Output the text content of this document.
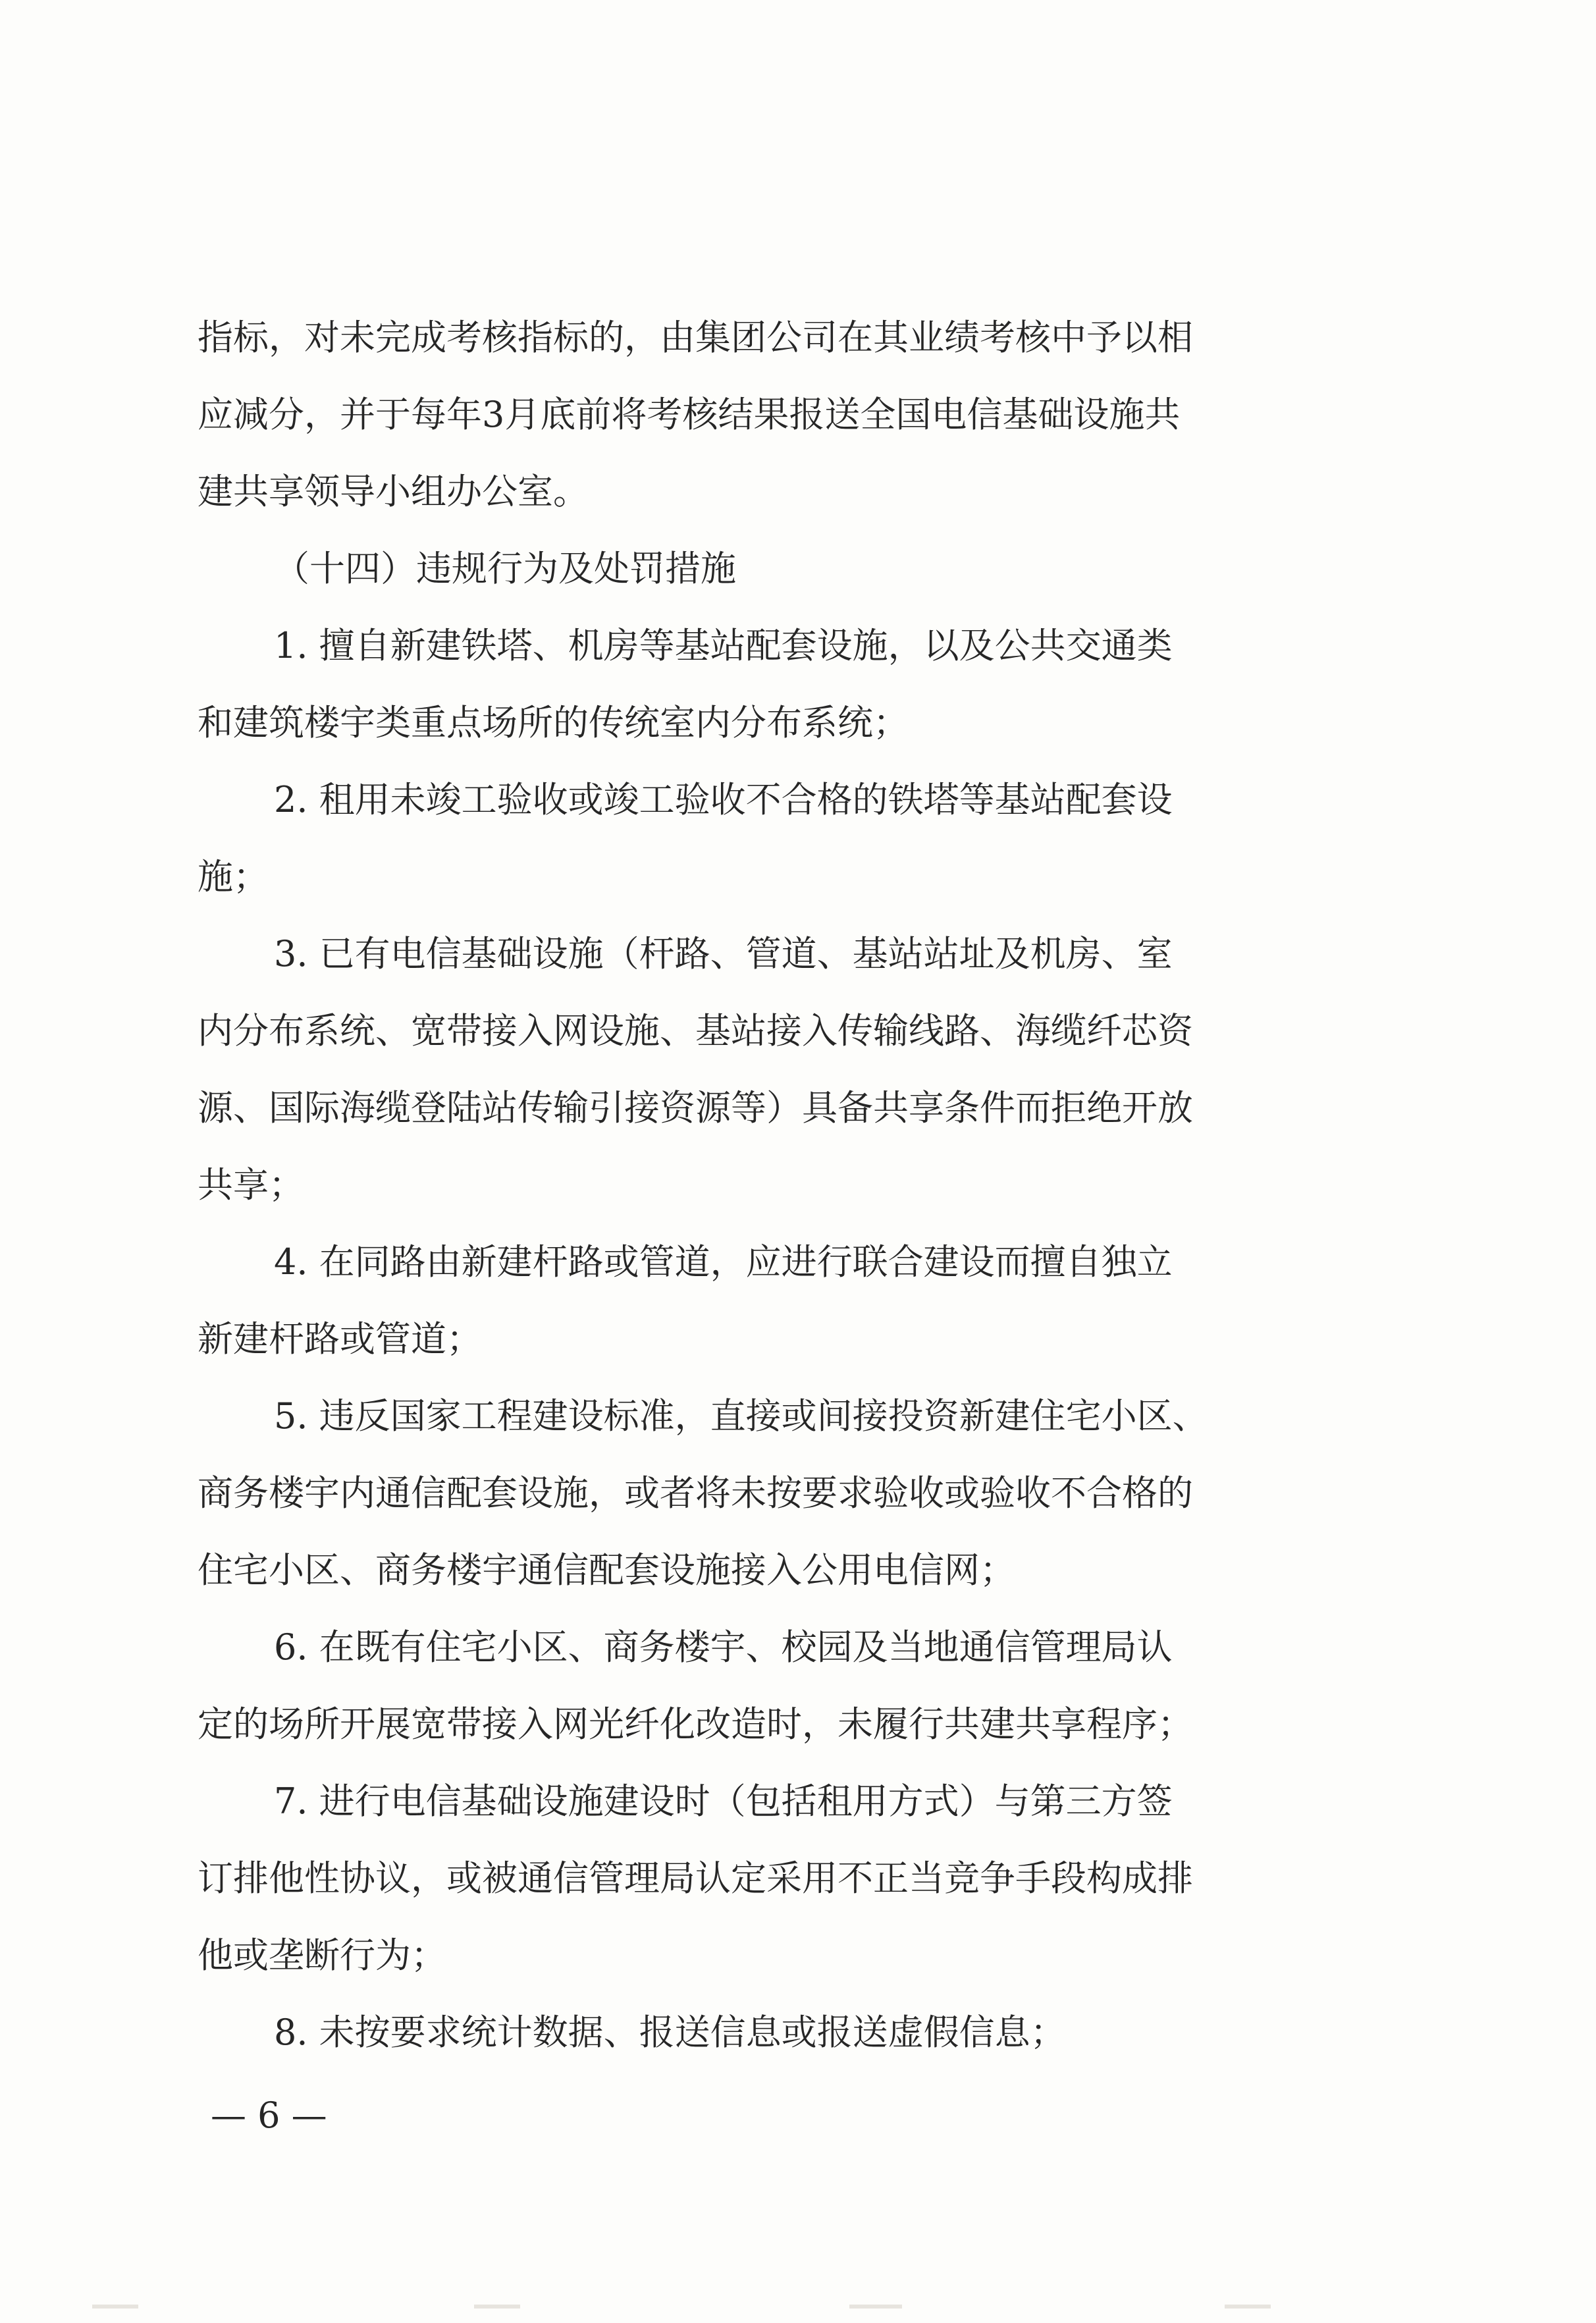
指标，对未完成考核指标的，由集团公司在其业绩考核中予以相
应减分，并于每年3月底前将考核结果报送全国电信基础设施共
建共享领导小组办公室。
（十四）违规行为及处罚措施
1. 擅自新建铁塔、机房等基站配套设施，以及公共交通类
和建筑楼宇类重点场所的传统室内分布系统；
2. 租用未竣工验收或竣工验收不合格的铁塔等基站配套设
施；
3. 已有电信基础设施（杆路、管道、基站站址及机房、室
内分布系统、宽带接入网设施、基站接入传输线路、海缆纤芯资
源、国际海缆登陆站传输引接资源等）具备共享条件而拒绝开放
共享；
4. 在同路由新建杆路或管道，应进行联合建设而擅自独立
新建杆路或管道；
5. 违反国家工程建设标准，直接或间接投资新建住宅小区、
商务楼宇内通信配套设施，或者将未按要求验收或验收不合格的
住宅小区、商务楼宇通信配套设施接入公用电信网；
6. 在既有住宅小区、商务楼宇、校园及当地通信管理局认
定的场所开展宽带接入网光纤化改造时，未履行共建共享程序；
7. 进行电信基础设施建设时（包括租用方式）与第三方签
订排他性协议，或被通信管理局认定采用不正当竞争手段构成排
他或垄断行为；
8. 未按要求统计数据、报送信息或报送虚假信息；
— 6 —
